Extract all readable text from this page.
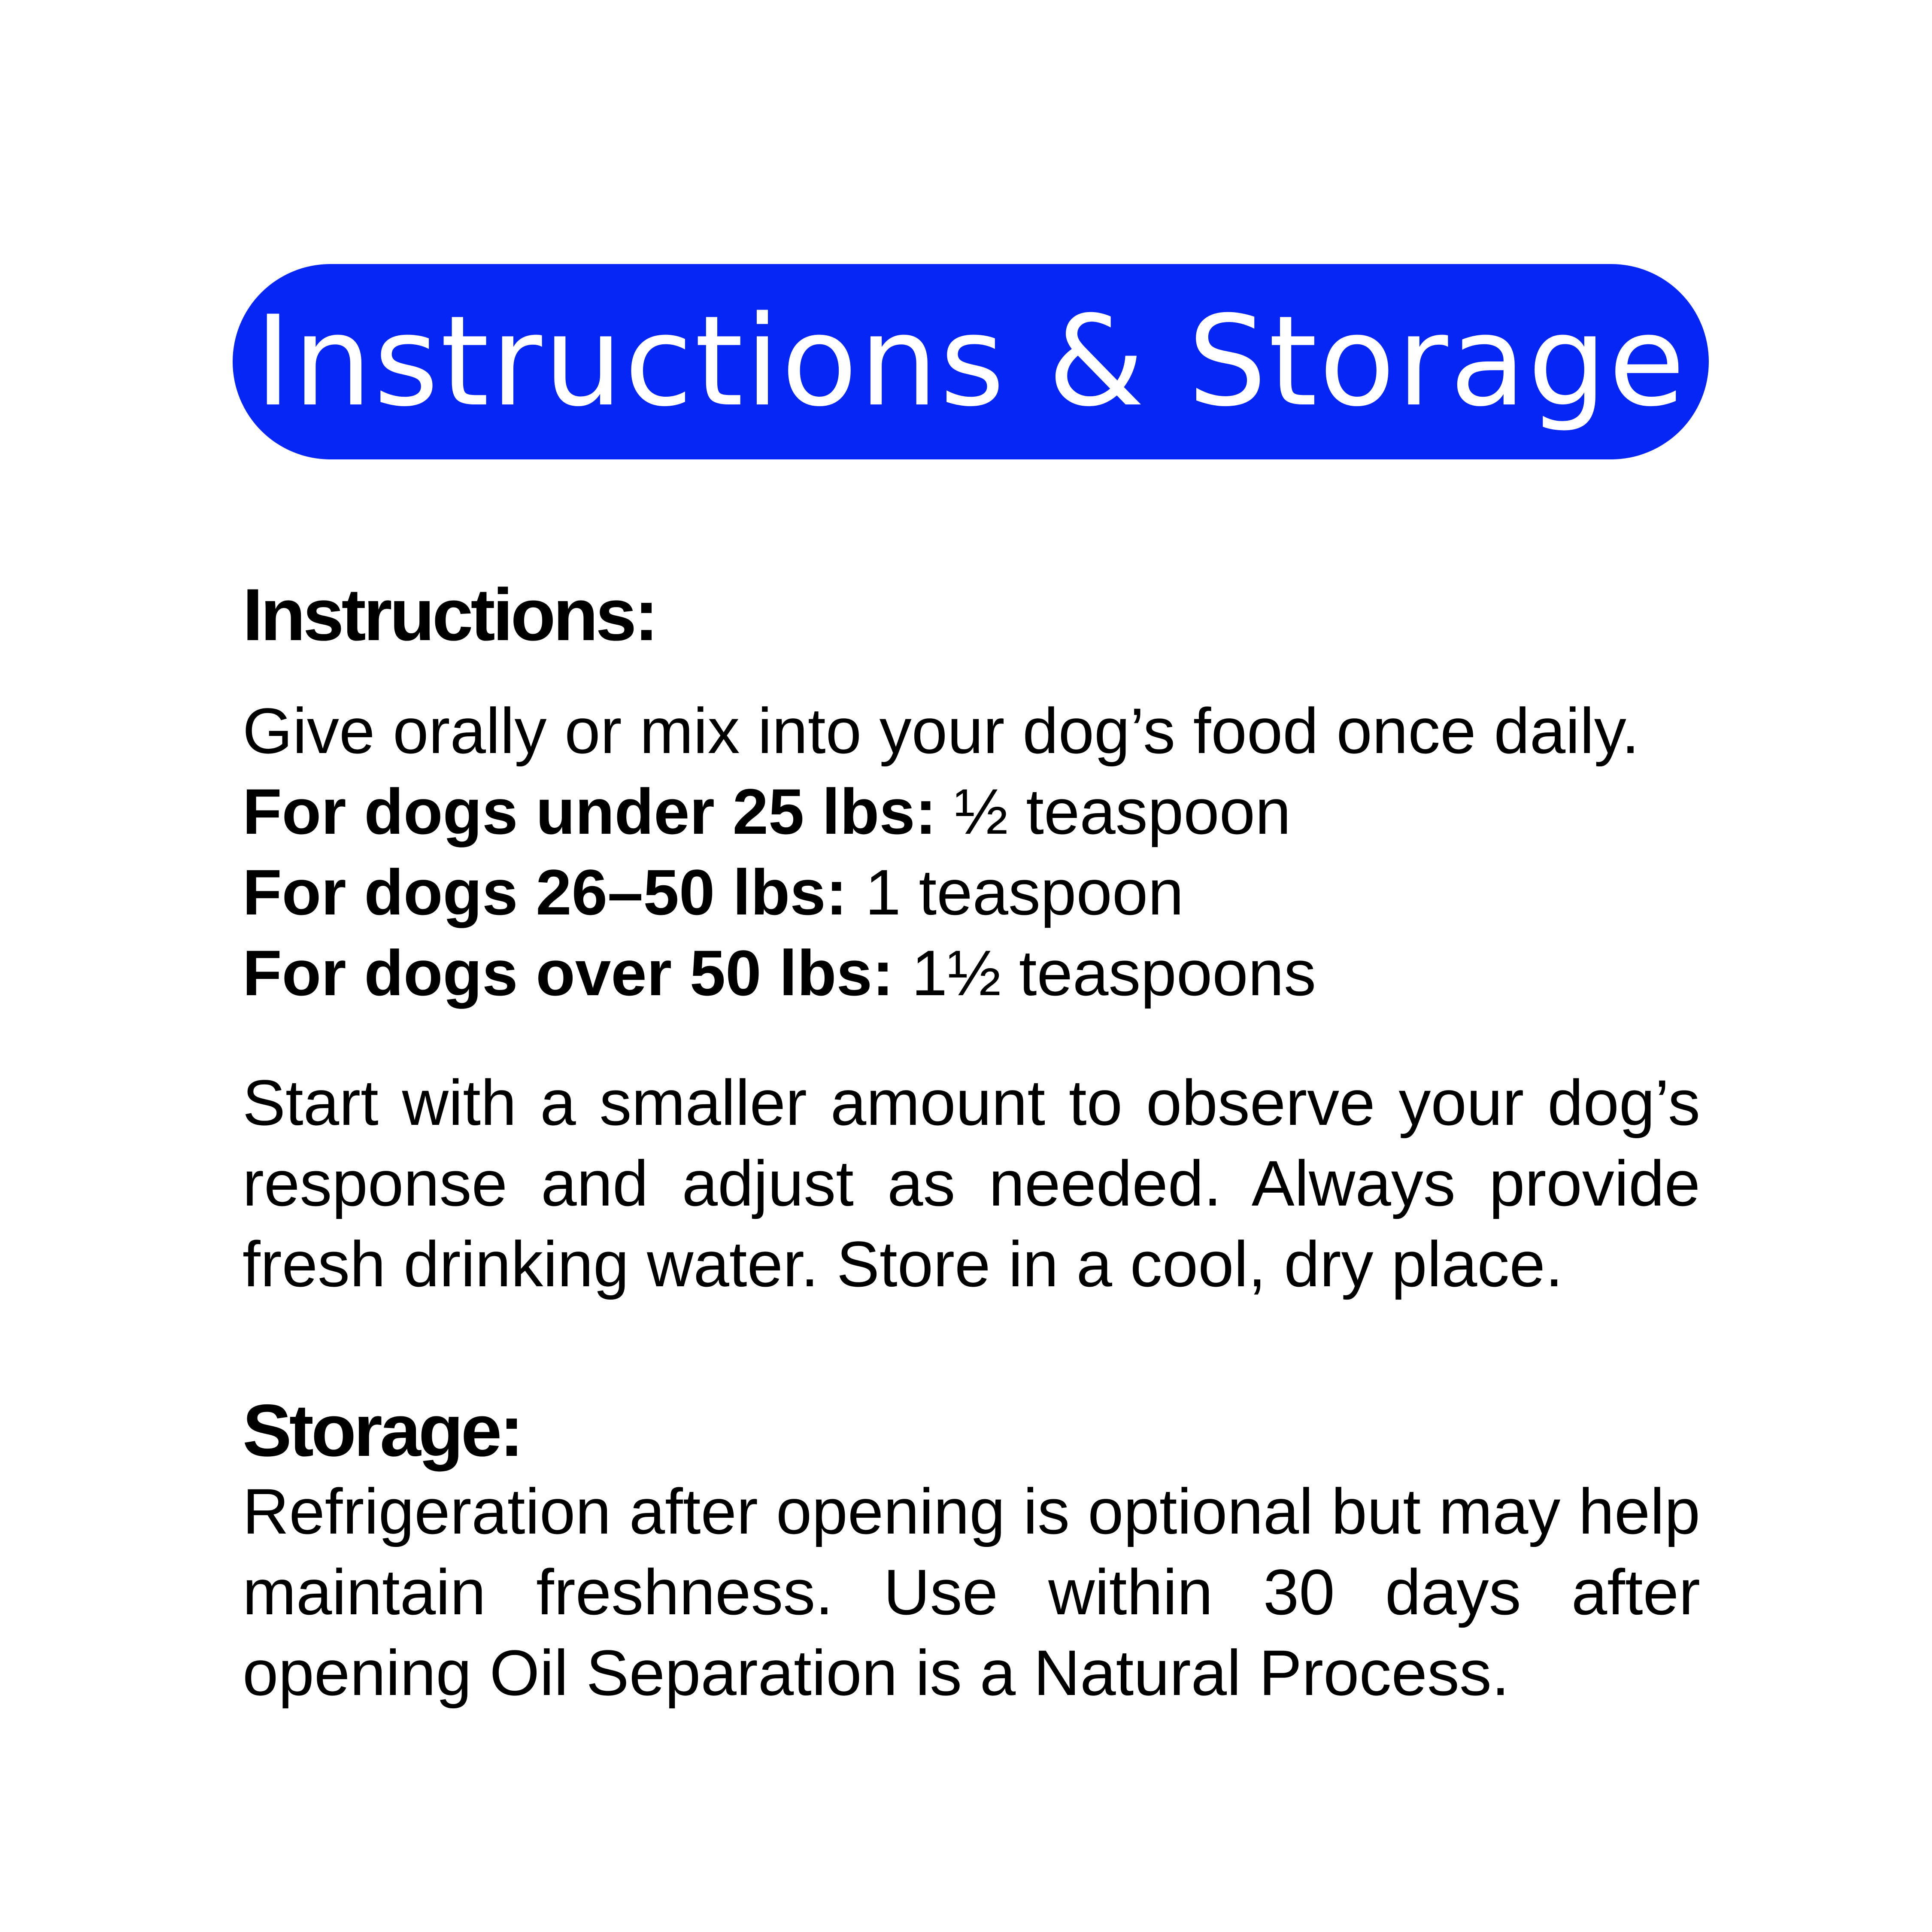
Instructions & Storage
Instructions:
Give orally or mix into your dog’s food once daily.
For dogs under 25 lbs: ½ teaspoon
For dogs 26–50 lbs: 1 teaspoon
For dogs over 50 lbs: 1½ teaspoons
Start with a smaller amount to observe your dog’s response and adjust as needed. Always provide fresh drinking water. Store in a cool, dry place.
Storage:
Refrigeration after opening is optional but may help maintain freshness. Use within 30 days after opening Oil Separation is a Natural Process.
